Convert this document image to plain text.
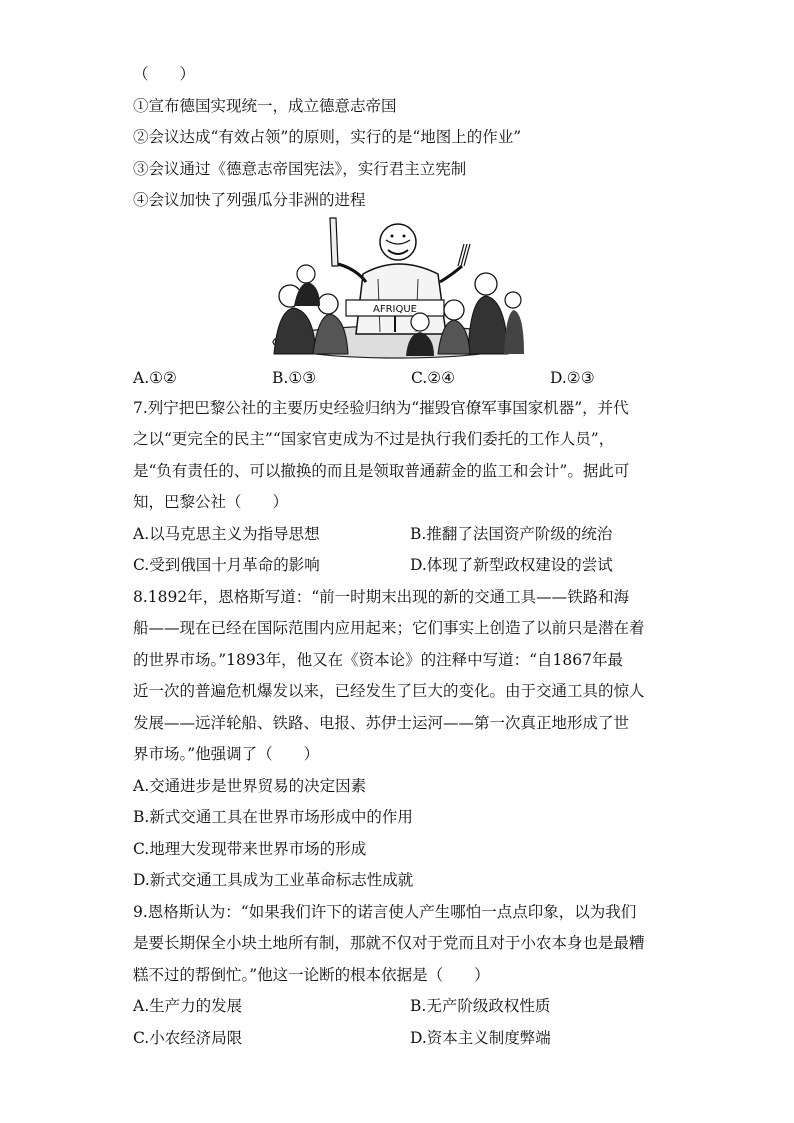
（　　）
①宣布德国实现统一，成立德意志帝国
②会议达成“有效占领”的原则，实行的是“地图上的作业”
③会议通过《德意志帝国宪法》，实行君主立宪制
④会议加快了列强瓜分非洲的进程
AFRIQUE
A.①②	B.①③	C.②④	D.②③
7.列宁把巴黎公社的主要历史经验归纳为“摧毁官僚军事国家机器”，并代
之以“更完全的民主”“国家官吏成为不过是执行我们委托的工作人员”，
是“负有责任的、可以撤换的而且是领取普通薪金的监工和会计”。据此可
知，巴黎公社（　　）
A.以马克思主义为指导思想	B.推翻了法国资产阶级的统治
C.受到俄国十月革命的影响	D.体现了新型政权建设的尝试
8.1892年，恩格斯写道：“前一时期末出现的新的交通工具——铁路和海
船——现在已经在国际范围内应用起来；它们事实上创造了以前只是潜在着
的世界市场。”1893年，他又在《资本论》的注释中写道：“自1867年最
近一次的普遍危机爆发以来，已经发生了巨大的变化。由于交通工具的惊人
发展——远洋轮船、铁路、电报、苏伊士运河——第一次真正地形成了世
界市场。”他强调了（　　）
A.交通进步是世界贸易的决定因素
B.新式交通工具在世界市场形成中的作用
C.地理大发现带来世界市场的形成
D.新式交通工具成为工业革命标志性成就
9.恩格斯认为：“如果我们许下的诺言使人产生哪怕一点点印象，以为我们
是要长期保全小块土地所有制，那就不仅对于党而且对于小农本身也是最糟
糕不过的帮倒忙。”他这一论断的根本依据是（　　）
A.生产力的发展	B.无产阶级政权性质
C.小农经济局限	D.资本主义制度弊端
